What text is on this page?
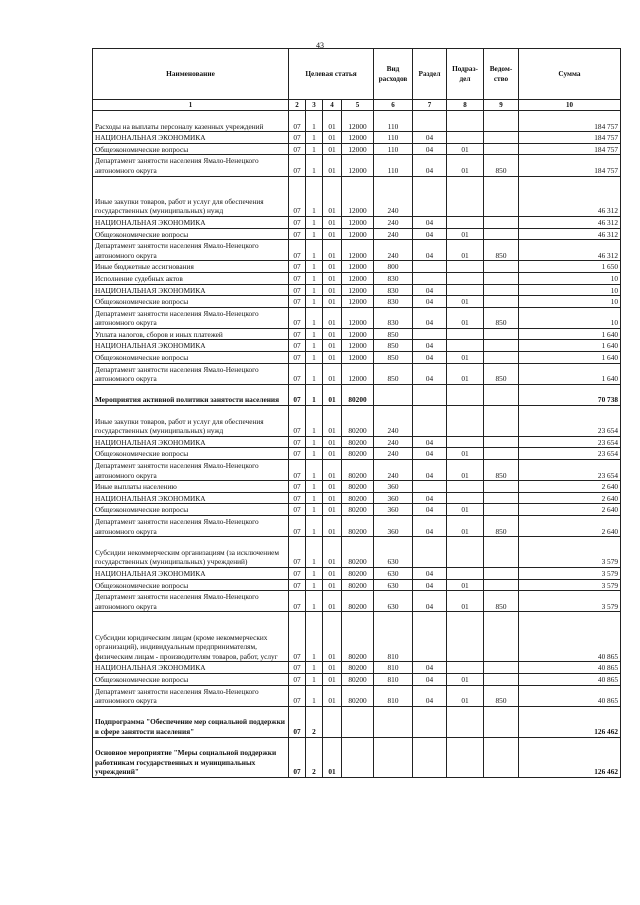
43
Наименование	Целевая статья				Вид расходов	Раздел	Подраз-дел	Ведом-ство	Сумма
1	2	3	4	5	6	7	8	9	10
Расходы на выплаты персоналу казенных учреждений	07	1	01	12000	110				184 757
НАЦИОНАЛЬНАЯ ЭКОНОМИКА	07	1	01	12000	110	04			184 757
Общеэкономические вопросы	07	1	01	12000	110	04	01		184 757
Департамент занятости населения Ямало-Ненецкого автономного округа	07	1	01	12000	110	04	01	850	184 757
Иные закупки товаров, работ и услуг для обеспечения государственных (муниципальных) нужд	07	1	01	12000	240				46 312
НАЦИОНАЛЬНАЯ ЭКОНОМИКА	07	1	01	12000	240	04			46 312
Общеэкономические вопросы	07	1	01	12000	240	04	01		46 312
Департамент занятости населения Ямало-Ненецкого автономного округа	07	1	01	12000	240	04	01	850	46 312
Иные бюджетные ассигнования	07	1	01	12000	800				1 650
Исполнение судебных актов	07	1	01	12000	830				10
НАЦИОНАЛЬНАЯ ЭКОНОМИКА	07	1	01	12000	830	04			10
Общеэкономические вопросы	07	1	01	12000	830	04	01		10
Департамент занятости населения Ямало-Ненецкого автономного округа	07	1	01	12000	830	04	01	850	10
Уплата налогов, сборов и иных платежей	07	1	01	12000	850				1 640
НАЦИОНАЛЬНАЯ ЭКОНОМИКА	07	1	01	12000	850	04			1 640
Общеэкономические вопросы	07	1	01	12000	850	04	01		1 640
Департамент занятости населения Ямало-Ненецкого автономного округа	07	1	01	12000	850	04	01	850	1 640
Мероприятия активной политики занятости населения	07	1	01	80200					70 738
Иные закупки товаров, работ и услуг для обеспечения государственных (муниципальных) нужд	07	1	01	80200	240				23 654
НАЦИОНАЛЬНАЯ ЭКОНОМИКА	07	1	01	80200	240	04			23 654
Общеэкономические вопросы	07	1	01	80200	240	04	01		23 654
Департамент занятости населения Ямало-Ненецкого автономного округа	07	1	01	80200	240	04	01	850	23 654
Иные выплаты населению	07	1	01	80200	360				2 640
НАЦИОНАЛЬНАЯ ЭКОНОМИКА	07	1	01	80200	360	04			2 640
Общеэкономические вопросы	07	1	01	80200	360	04	01		2 640
Департамент занятости населения Ямало-Ненецкого автономного округа	07	1	01	80200	360	04	01	850	2 640
Субсидии некоммерческим организациям (за исключением государственных (муниципальных) учреждений)	07	1	01	80200	630				3 579
НАЦИОНАЛЬНАЯ ЭКОНОМИКА	07	1	01	80200	630	04			3 579
Общеэкономические вопросы	07	1	01	80200	630	04	01		3 579
Департамент занятости населения Ямало-Ненецкого автономного округа	07	1	01	80200	630	04	01	850	3 579
Субсидии юридическим лицам (кроме некоммерческих организаций), индивидуальным предпринимателям, физическим лицам - производителям товаров, работ, услуг	07	1	01	80200	810				40 865
НАЦИОНАЛЬНАЯ ЭКОНОМИКА	07	1	01	80200	810	04			40 865
Общеэкономические вопросы	07	1	01	80200	810	04	01		40 865
Департамент занятости населения Ямало-Ненецкого автономного округа	07	1	01	80200	810	04	01	850	40 865
Подпрограмма "Обеспечение мер социальной поддержки в сфере занятости населения"	07	2							126 462
Основное мероприятие "Меры социальной поддержки работникам государственных и муниципальных учреждений"	07	2	01						126 462
